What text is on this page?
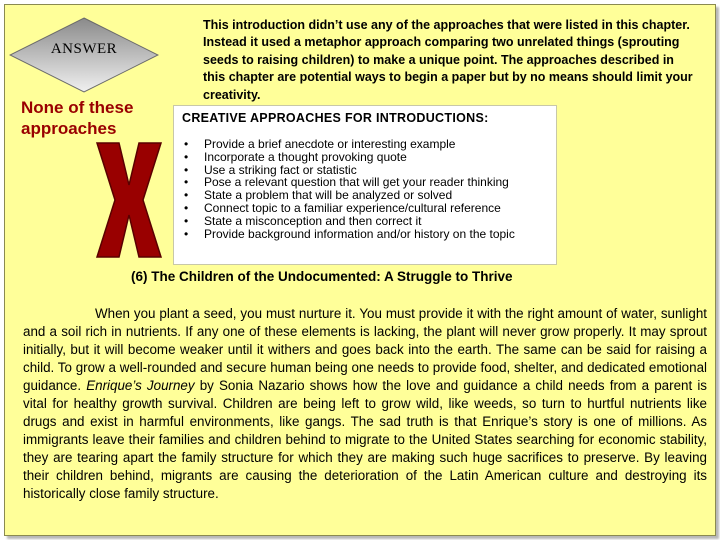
ANSWER
None of these approaches
This introduction didn’t use any of the approaches that were listed in this chapter. Instead it used a metaphor approach comparing two unrelated things (sprouting seeds to raising children) to make a unique point. The approaches described in this chapter are potential ways to begin a paper but by no means should limit your creativity.
CREATIVE APPROACHES FOR INTRODUCTIONS:
• Provide a brief anecdote or interesting example
• Incorporate a thought provoking quote
• Use a striking fact or statistic
• Pose a relevant question that will get your reader thinking
• State a problem that will be analyzed or solved
• Connect topic to a familiar experience/cultural reference
• State a misconception and then correct it
• Provide background information and/or history on the topic
(6) The Children of the Undocumented: A Struggle to Thrive
When you plant a seed, you must nurture it. You must provide it with the right amount of water, sunlight and a soil rich in nutrients. If any one of these elements is lacking, the plant will never grow properly. It may sprout initially, but it will become weaker until it withers and goes back into the earth. The same can be said for raising a child. To grow a well-rounded and secure human being one needs to provide food, shelter, and dedicated emotional guidance. Enrique’s Journey by Sonia Nazario shows how the love and guidance a child needs from a parent is vital for healthy growth survival. Children are being left to grow wild, like weeds, so turn to hurtful nutrients like drugs and exist in harmful environments, like gangs. The sad truth is that Enrique’s story is one of millions. As immigrants leave their families and children behind to migrate to the United States searching for economic stability, they are tearing apart the family structure for which they are making such huge sacrifices to preserve. By leaving their children behind, migrants are causing the deterioration of the Latin American culture and destroying its historically close family structure.
